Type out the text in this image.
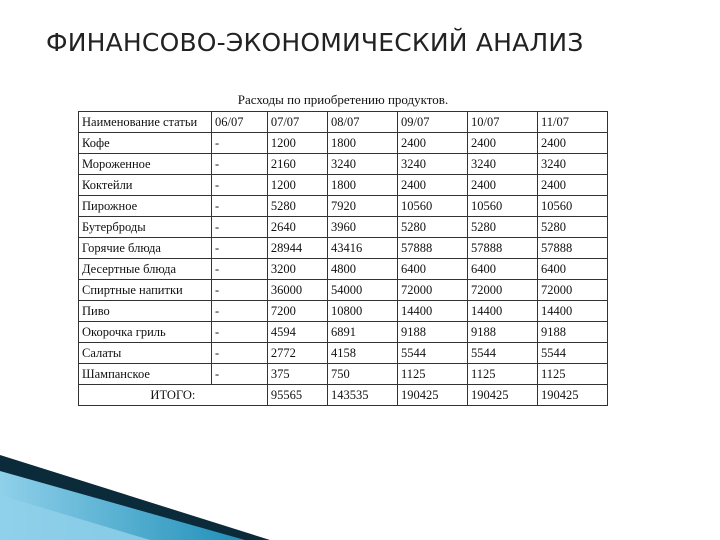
ФИНАНСОВО-ЭКОНОМИЧЕСКИЙ АНАЛИЗ
Расходы по приобретению продуктов.
Наименование статьи	06/07	07/07	08/07	09/07	10/07	11/07
Кофе	-	1200	1800	2400	2400	2400
Мороженное	-	2160	3240	3240	3240	3240
Коктейли	-	1200	1800	2400	2400	2400
Пирожное	-	5280	7920	10560	10560	10560
Бутерброды	-	2640	3960	5280	5280	5280
Горячие блюда	-	28944	43416	57888	57888	57888
Десертные блюда	-	3200	4800	6400	6400	6400
Спиртные напитки	-	36000	54000	72000	72000	72000
Пиво	-	7200	10800	14400	14400	14400
Окорочка гриль	-	4594	6891	9188	9188	9188
Салаты	-	2772	4158	5544	5544	5544
Шампанское	-	375	750	1125	1125	1125
ИТОГО:		95565	143535	190425	190425	190425
